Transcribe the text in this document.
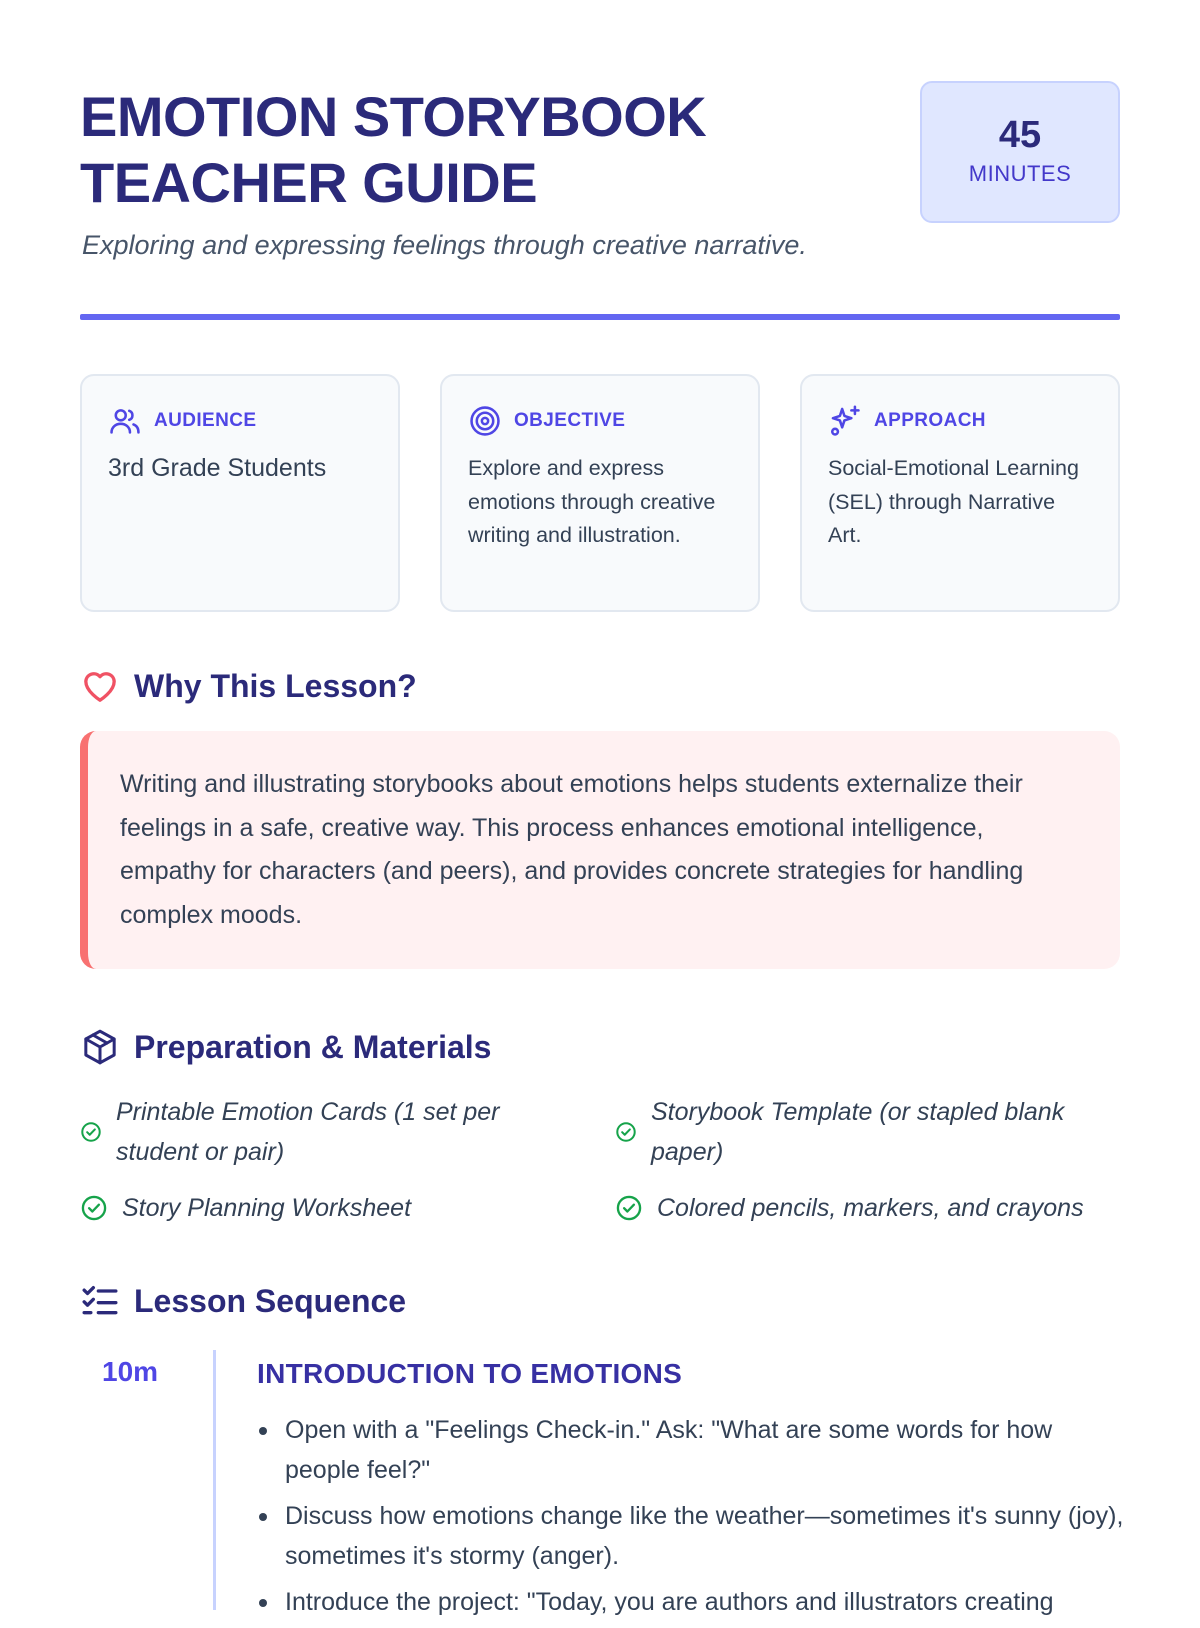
EMOTION STORYBOOK
TEACHER GUIDE
Exploring and expressing feelings through creative narrative.
45
MINUTES
AUDIENCE
3rd Grade Students
OBJECTIVE
Explore and express emotions through creative writing and illustration.
APPROACH
Social-Emotional Learning (SEL) through Narrative Art.
Why This Lesson?
Writing and illustrating storybooks about emotions helps students externalize their feelings in a safe, creative way. This process enhances emotional intelligence, empathy for characters (and peers), and provides concrete strategies for handling complex moods.
Preparation & Materials
Printable Emotion Cards (1 set per student or pair)
Storybook Template (or stapled blank paper)
Story Planning Worksheet	Colored pencils, markers, and crayons
Lesson Sequence
10m	INTRODUCTION TO EMOTIONS
Open with a "Feelings Check-in." Ask: "What are some words for how people feel?"
Discuss how emotions change like the weather—sometimes it's sunny (joy), sometimes it's stormy (anger).
Introduce the project: "Today, you are authors and illustrators creating
